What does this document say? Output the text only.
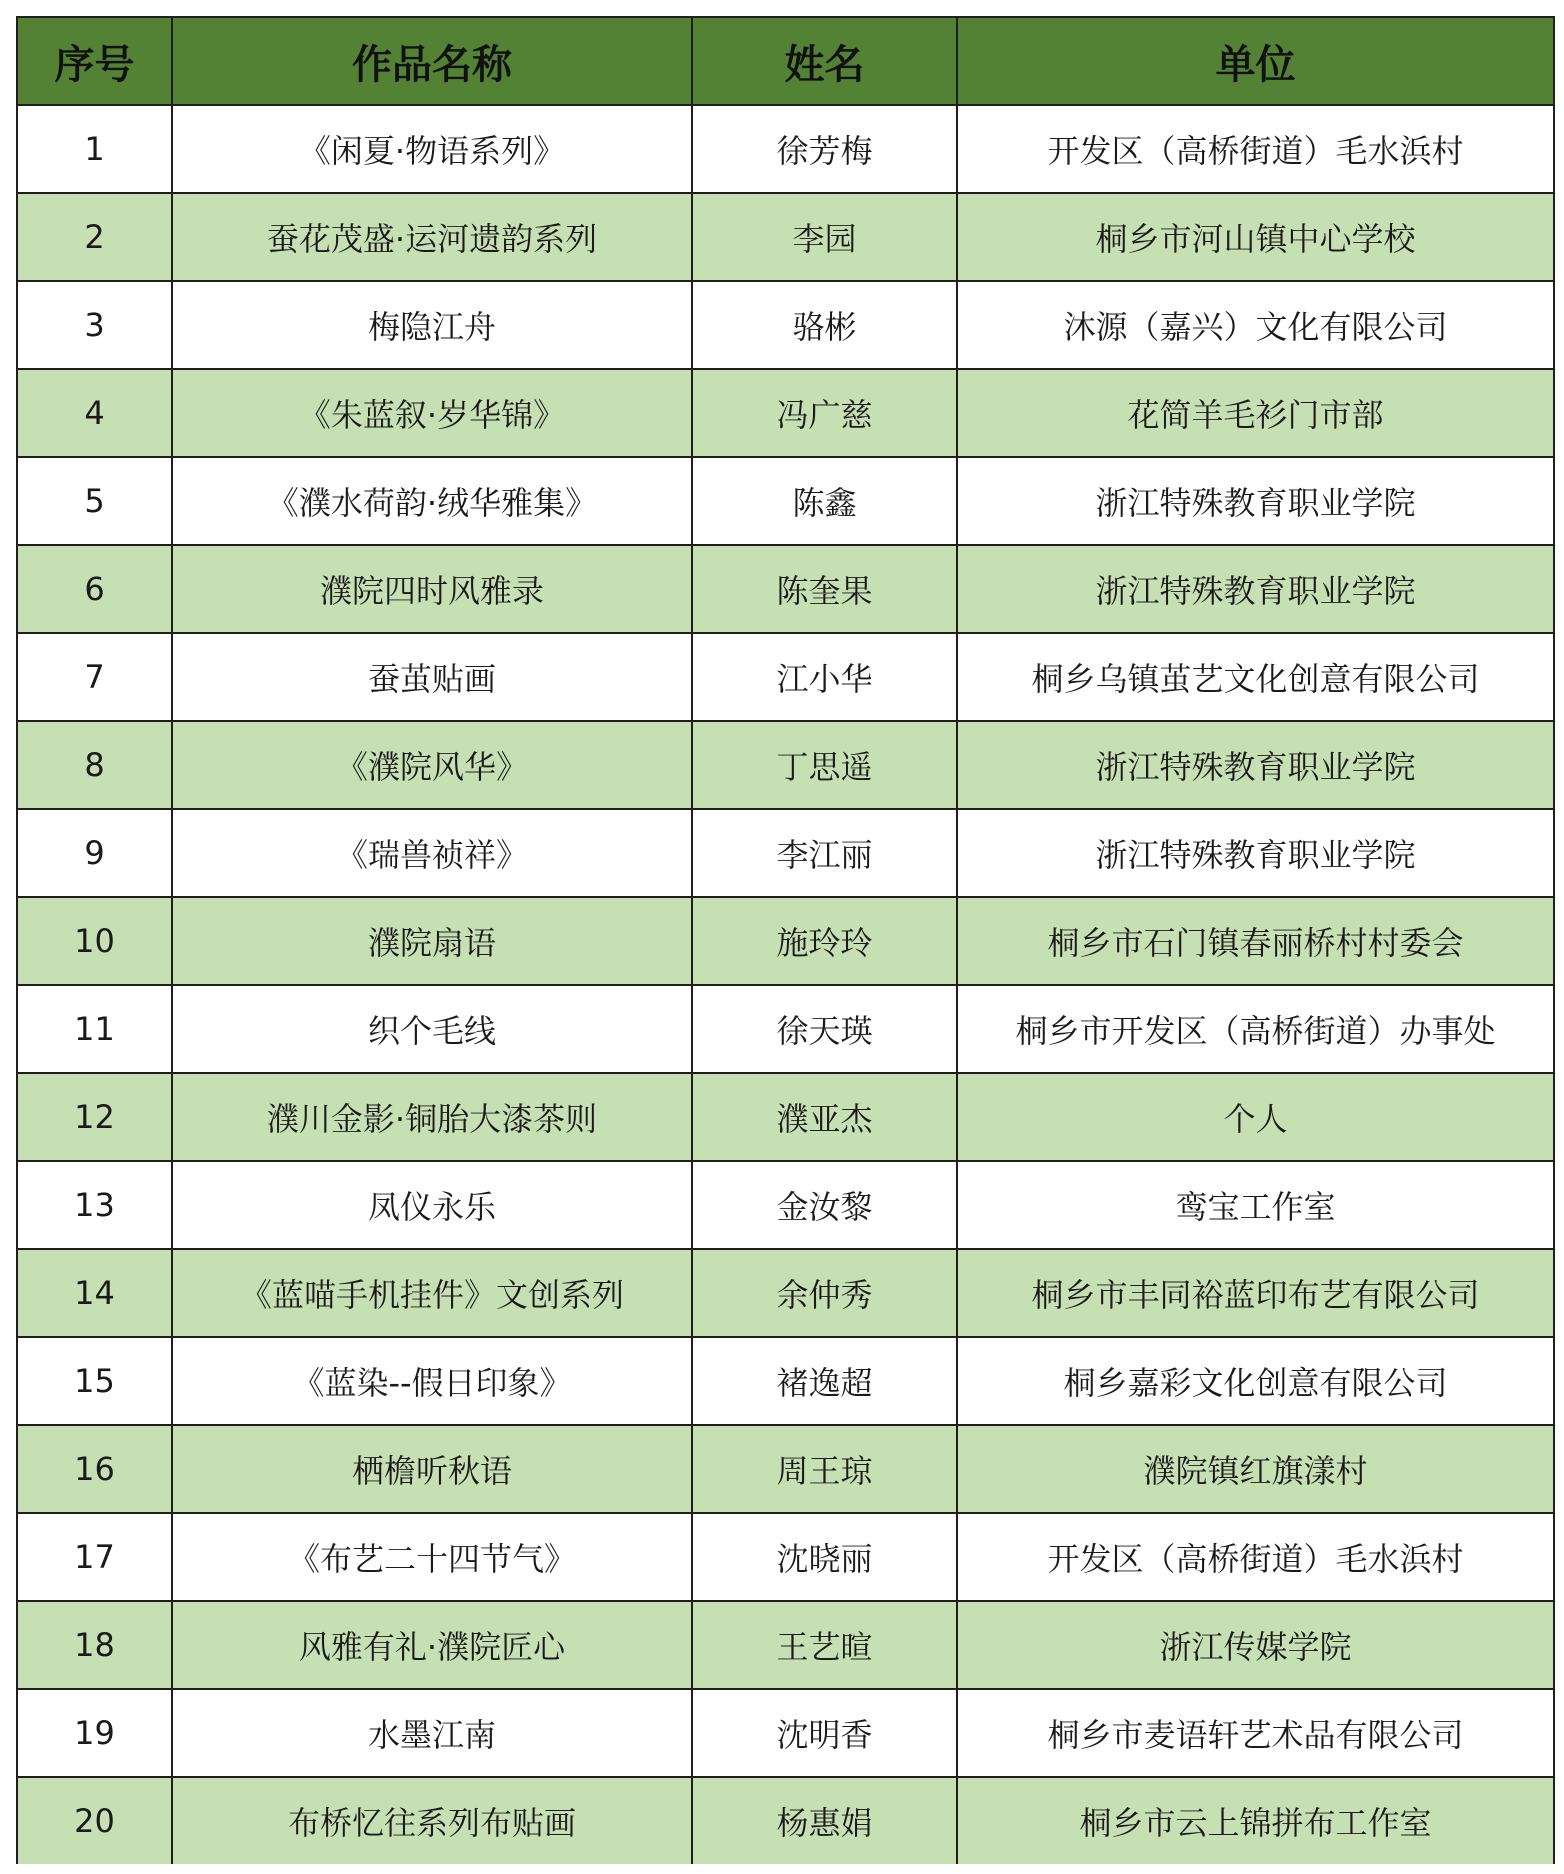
序号	作品名称	姓名	单位
1	《闲夏·物语系列》	徐芳梅	开发区（高桥街道）毛水浜村
2	蚕花茂盛·运河遗韵系列	李园	桐乡市河山镇中心学校
3	梅隐江舟	骆彬	沐源（嘉兴）文化有限公司
4	《朱蓝叙·岁华锦》	冯广慈	花简羊毛衫门市部
5	《濮水荷韵·绒华雅集》	陈鑫	浙江特殊教育职业学院
6	濮院四时风雅录	陈奎果	浙江特殊教育职业学院
7	蚕茧贴画	江小华	桐乡乌镇茧艺文化创意有限公司
8	《濮院风华》	丁思遥	浙江特殊教育职业学院
9	《瑞兽祯祥》	李江丽	浙江特殊教育职业学院
10	濮院扇语	施玲玲	桐乡市石门镇春丽桥村村委会
11	织个毛线	徐天瑛	桐乡市开发区（高桥街道）办事处
12	濮川金影·铜胎大漆茶则	濮亚杰	个人
13	凤仪永乐	金汝黎	鸾宝工作室
14	《蓝喵手机挂件》文创系列	余仲秀	桐乡市丰同裕蓝印布艺有限公司
15	《蓝染--假日印象》	褚逸超	桐乡嘉彩文化创意有限公司
16	栖檐听秋语	周王琼	濮院镇红旗漾村
17	《布艺二十四节气》	沈晓丽	开发区（高桥街道）毛水浜村
18	风雅有礼·濮院匠心	王艺暄	浙江传媒学院
19	水墨江南	沈明香	桐乡市麦语轩艺术品有限公司
20	布桥忆往系列布贴画	杨惠娟	桐乡市云上锦拼布工作室
